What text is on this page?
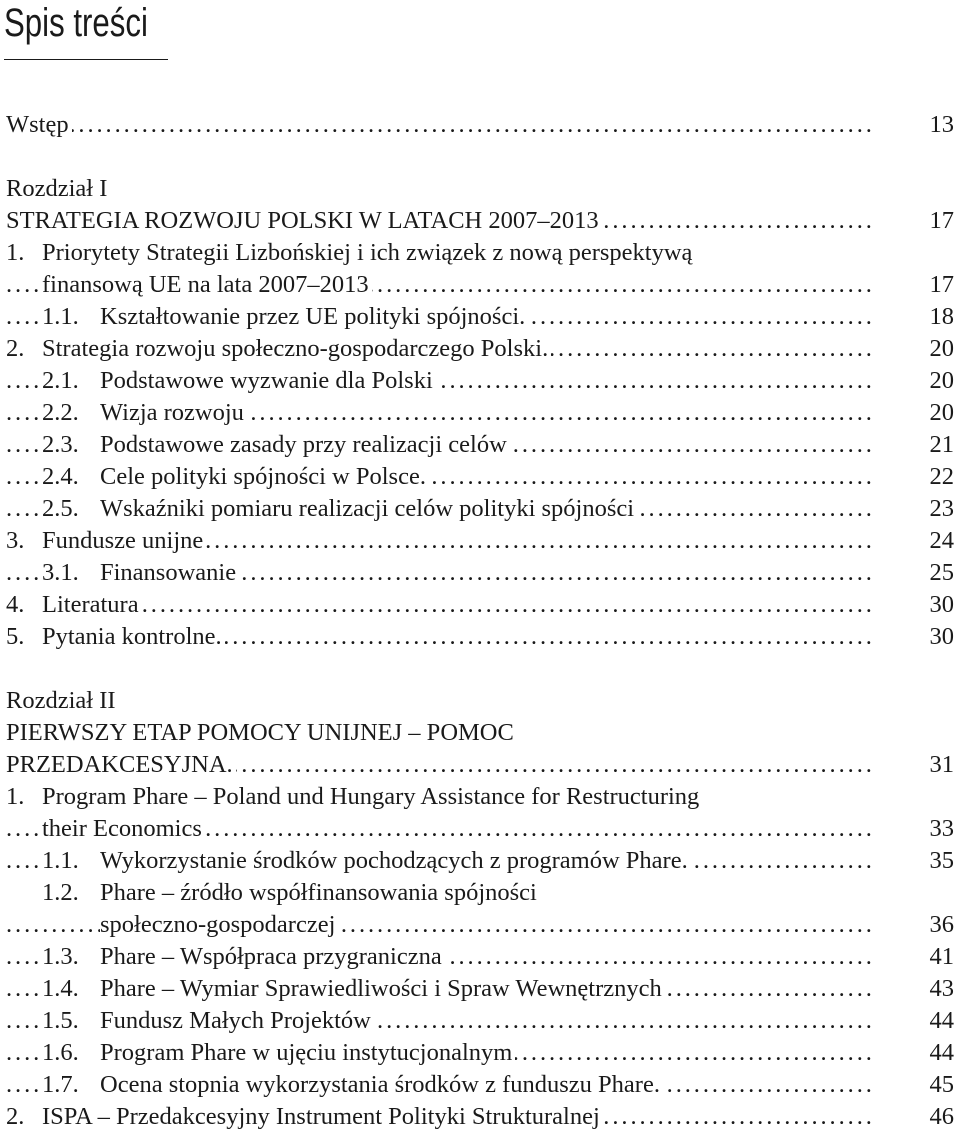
Spis treści
Wstęp . . .	13
Rozdział I
STRATEGIA ROZWOJU POLSKI W LATACH 2007–2013 . . .	17
1. Priorytety Strategii Lizbońskiej i ich związek z nową perspektywą
finansową UE na lata 2007–2013 . . .	17
1.1. Kształtowanie przez UE polityki spójności. . . .	18
2. Strategia rozwoju społeczno-gospodarczego Polski. . . .	20
2.1. Podstawowe wyzwanie dla Polski . . .	20
2.2. Wizja rozwoju . . .	20
2.3. Podstawowe zasady przy realizacji celów . . .	21
2.4. Cele polityki spójności w Polsce. . . .	22
2.5. Wskaźniki pomiaru realizacji celów polityki spójności . . .	23
3. Fundusze unijne . . .	24
3.1. Finansowanie . . .	25
4. Literatura . . .	30
5. Pytania kontrolne. . . .	30
Rozdział II
PIERWSZY ETAP POMOCY UNIJNEJ – POMOC
PRZEDAKCESYJNA. . . .	31
1. Program Phare – Poland und Hungary Assistance for Restructuring
their Economics . . .	33
1.1. Wykorzystanie środków pochodzących z programów Phare. . . .	35
1.2. Phare – źródło współfinansowania spójności
społeczno-gospodarczej . . .	36
1.3. Phare – Współpraca przygraniczna . . .	41
1.4. Phare – Wymiar Sprawiedliwości i Spraw Wewnętrznych . . .	43
1.5. Fundusz Małych Projektów . . .	44
1.6. Program Phare w ujęciu instytucjonalnym . . .	44
1.7. Ocena stopnia wykorzystania środków z funduszu Phare. . . .	45
2. ISPA – Przedakcesyjny Instrument Polityki Strukturalnej . . .	46
